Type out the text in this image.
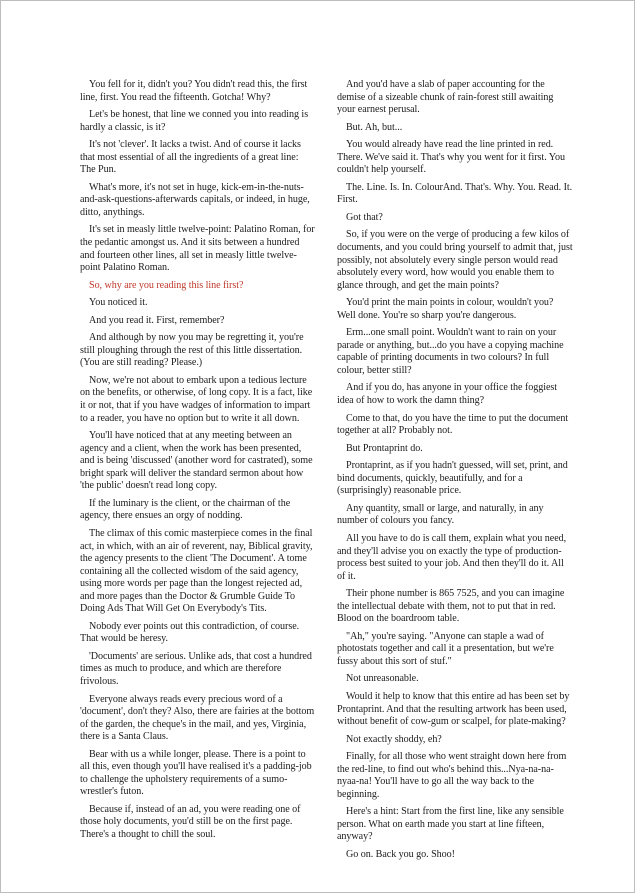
You fell for it, didn't you? You didn't read this, the first line, first. You read the fifteenth. Gotcha! Why?

Let's be honest, that line we conned you into reading is hardly a classic, is it?

It's not 'clever'. It lacks a twist. And of course it lacks that most essential of all the ingredients of a great line: The Pun.

What's more, it's not set in huge, kick-em-in-the-nuts-and-ask-questions-afterwards capitals, or indeed, in huge, ditto, anythings.

It's set in measly little twelve-point: Palatino Roman, for the pedantic amongst us. And it sits between a hundred and fourteen other lines, all set in measly little twelve-point Palatino Roman.

So, why are you reading this line first?

You noticed it.

And you read it. First, remember?

And although by now you may be regretting it, you're still ploughing through the rest of this little dissertation. (You are still reading? Please.)

Now, we're not about to embark upon a tedious lecture on the benefits, or otherwise, of long copy. It is a fact, like it or not, that if you have wadges of information to impart to a reader, you have no option but to write it all down.

You'll have noticed that at any meeting between an agency and a client, when the work has been presented, and is being 'discussed' (another word for castrated), some bright spark will deliver the standard sermon about how 'the public' doesn't read long copy.

If the luminary is the client, or the chairman of the agency, there ensues an orgy of nodding.

The climax of this comic masterpiece comes in the final act, in which, with an air of reverent, nay, Biblical gravity, the agency presents to the client 'The Document'. A tome containing all the collected wisdom of the said agency, using more words per page than the longest rejected ad, and more pages than the Doctor & Grumble Guide To Doing Ads That Will Get On Everybody's Tits.

Nobody ever points out this contradiction, of course. That would be heresy.

'Documents' are serious. Unlike ads, that cost a hundred times as much to produce, and which are therefore frivolous.

Everyone always reads every precious word of a 'document', don't they? Also, there are fairies at the bottom of the garden, the cheque's in the mail, and yes, Virginia, there is a Santa Claus.

Bear with us a while longer, please. There is a point to all this, even though you'll have realised it's a padding-job to challenge the upholstery requirements of a sumo-wrestler's futon.

Because if, instead of an ad, you were reading one of those holy documents, you'd still be on the first page. There's a thought to chill the soul.

And you'd have a slab of paper accounting for the demise of a sizeable chunk of rain-forest still awaiting your earnest perusal.

But. Ah, but...

You would already have read the line printed in red. There. We've said it. That's why you went for it first. You couldn't help yourself.

The. Line. Is. In. ColourAnd. That's. Why. You. Read. It. First.

Got that?

So, if you were on the verge of producing a few kilos of documents, and you could bring yourself to admit that, just possibly, not absolutely every single person would read absolutely every word, how would you enable them to glance through, and get the main points?

You'd print the main points in colour, wouldn't you? Well done. You're so sharp you're dangerous.

Erm...one small point. Wouldn't want to rain on your parade or anything, but...do you have a copying machine capable of printing documents in two colours? In full colour, better still?

And if you do, has anyone in your office the foggiest idea of how to work the damn thing?

Come to that, do you have the time to put the document together at all? Probably not.

But Prontaprint do.

Prontaprint, as if you hadn't guessed, will set, print, and bind documents, quickly, beautifully, and for a (surprisingly) reasonable price.

Any quantity, small or large, and naturally, in any number of colours you fancy.

All you have to do is call them, explain what you need, and they'll advise you on exactly the type of production-process best suited to your job. And then they'll do it. All of it.

Their phone number is 865 7525, and you can imagine the intellectual debate with them, not to put that in red. Blood on the boardroom table.

"Ah," you're saying. "Anyone can staple a wad of photostats together and call it a presentation, but we're fussy about this sort of stuf."

Not unreasonable.

Would it help to know that this entire ad has been set by Prontaprint. And that the resulting artwork has been used, without benefit of cow-gum or scalpel, for plate-making?

Not exactly shoddy, eh?

Finally, for all those who went straight down here from the red-line, to find out who's behind this...Nya-na-na-nyaa-na! You'll have to go all the way back to the beginning.

Here's a hint: Start from the first line, like any sensible person. What on earth made you start at line fifteen, anyway?

Go on. Back you go. Shoo!
